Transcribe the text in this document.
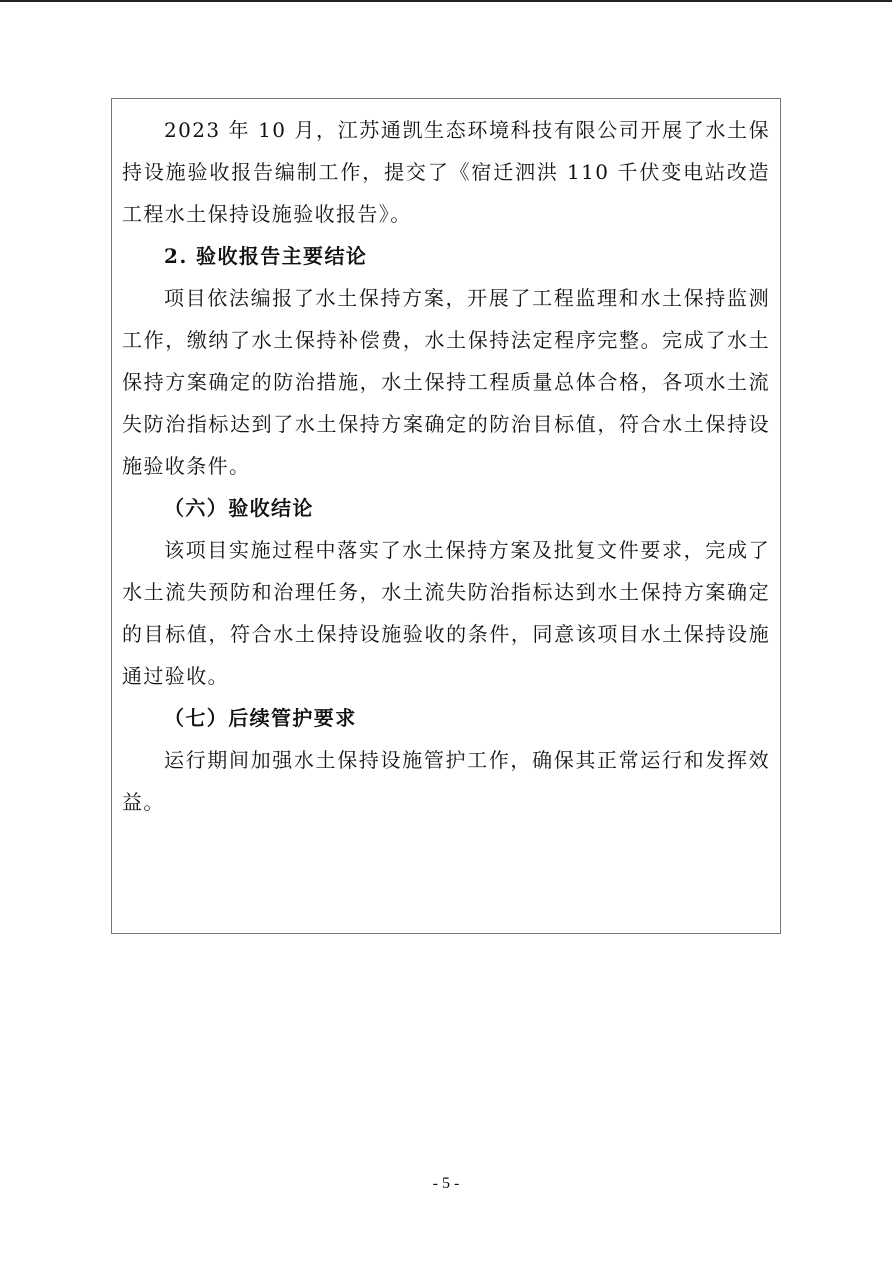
2023 年 10 月，江苏通凯生态环境科技有限公司开展了水土保持设施验收报告编制工作，提交了《宿迁泗洪 110 千伏变电站改造工程水土保持设施验收报告》。

2. 验收报告主要结论

项目依法编报了水土保持方案，开展了工程监理和水土保持监测工作，缴纳了水土保持补偿费，水土保持法定程序完整。完成了水土保持方案确定的防治措施，水土保持工程质量总体合格，各项水土流失防治指标达到了水土保持方案确定的防治目标值，符合水土保持设施验收条件。

（六）验收结论

该项目实施过程中落实了水土保持方案及批复文件要求，完成了水土流失预防和治理任务，水土流失防治指标达到水土保持方案确定的目标值，符合水土保持设施验收的条件，同意该项目水土保持设施通过验收。

（七）后续管护要求

运行期间加强水土保持设施管护工作，确保其正常运行和发挥效益。

- 5 -
